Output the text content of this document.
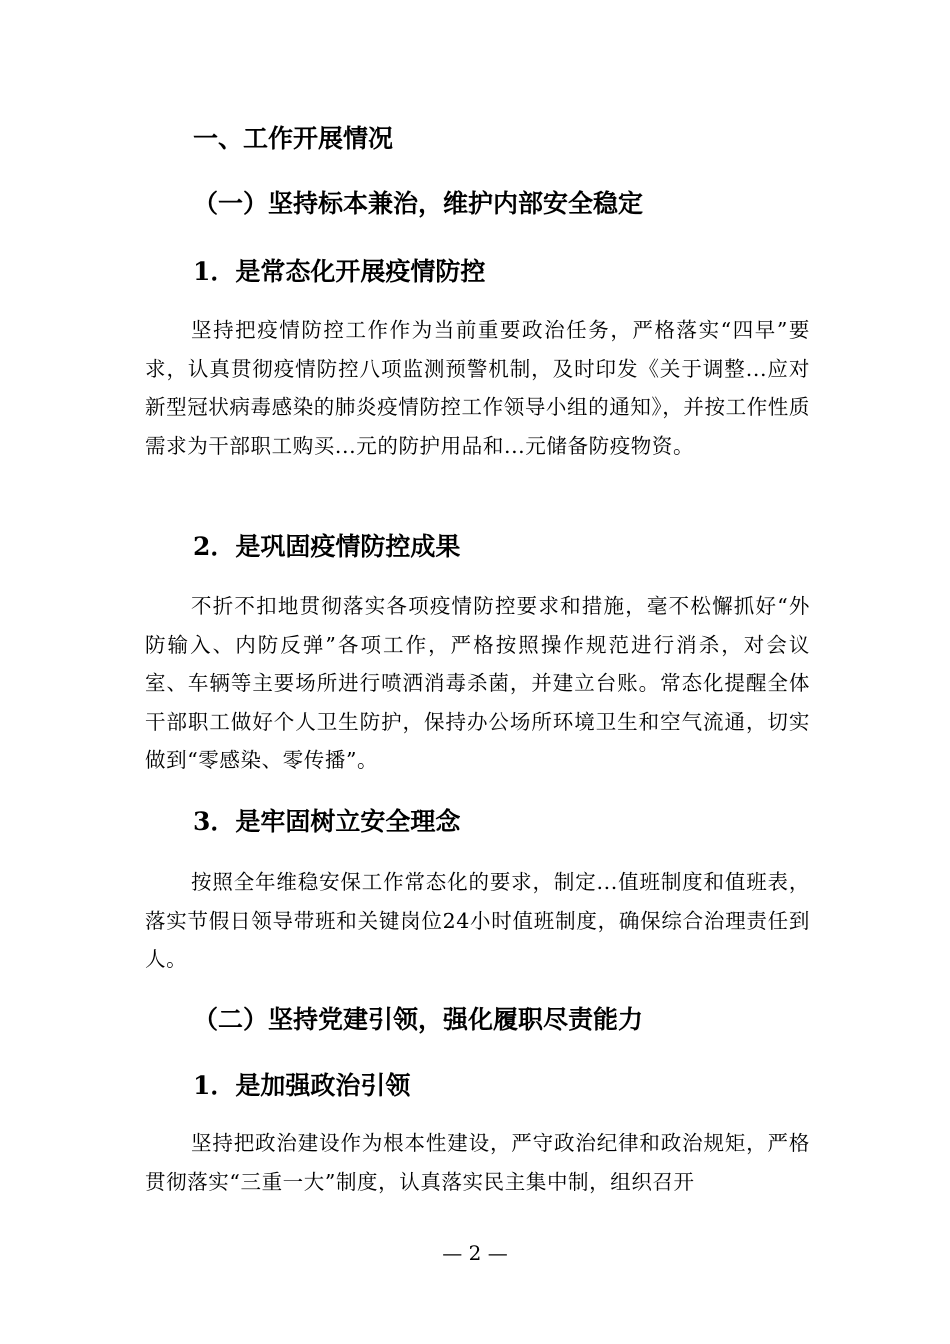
一、工作开展情况
（一）坚持标本兼治，维护内部安全稳定
1．是常态化开展疫情防控
坚持把疫情防控工作作为当前重要政治任务，严格落实“四早”要求，认真贯彻疫情防控八项监测预警机制，及时印发《关于调整...应对新型冠状病毒感染的肺炎疫情防控工作领导小组的通知》，并按工作性质需求为干部职工购买...元的防护用品和...元储备防疫物资。
2．是巩固疫情防控成果
不折不扣地贯彻落实各项疫情防控要求和措施，毫不松懈抓好“外防输入、内防反弹”各项工作，严格按照操作规范进行消杀，对会议室、车辆等主要场所进行喷洒消毒杀菌，并建立台账。常态化提醒全体干部职工做好个人卫生防护，保持办公场所环境卫生和空气流通，切实做到“零感染、零传播”。
3．是牢固树立安全理念
按照全年维稳安保工作常态化的要求，制定...值班制度和值班表，落实节假日领导带班和关键岗位24小时值班制度，确保综合治理责任到人。
（二）坚持党建引领，强化履职尽责能力
1．是加强政治引领
坚持把政治建设作为根本性建设，严守政治纪律和政治规矩，严格贯彻落实“三重一大”制度，认真落实民主集中制，组织召开
— 2 —
